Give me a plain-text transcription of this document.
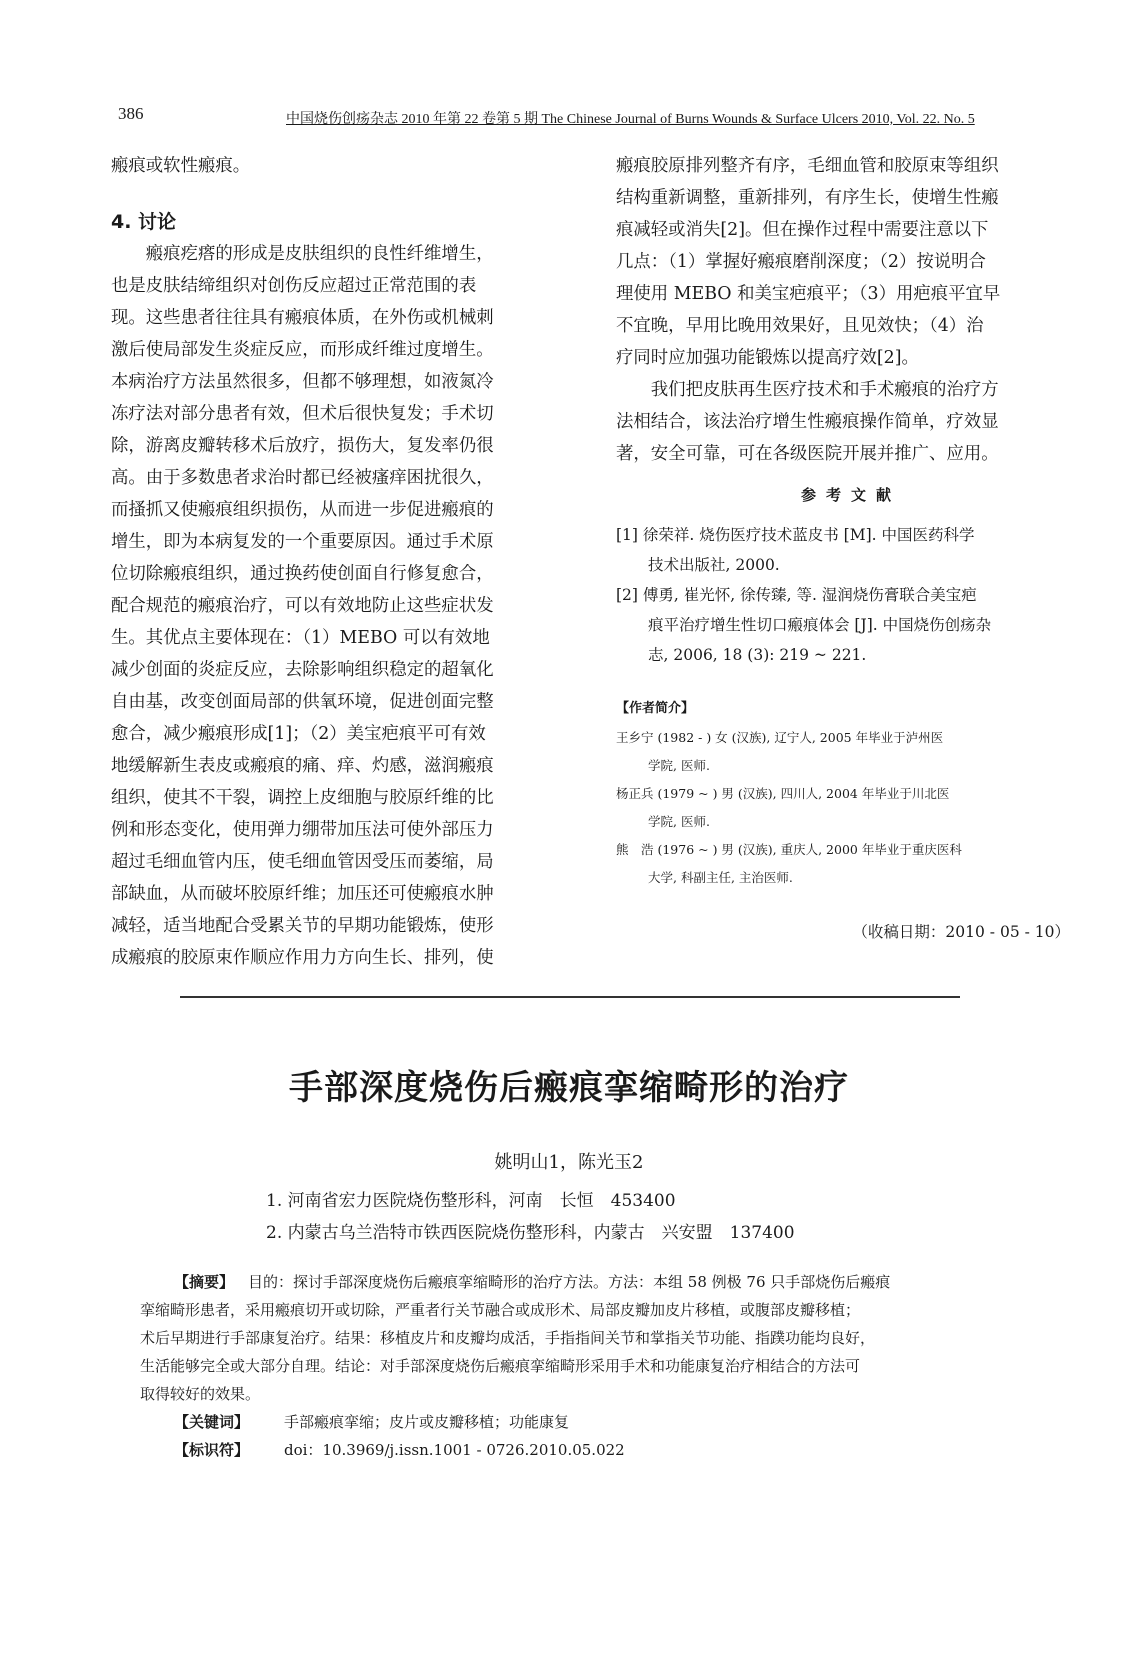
386	中国烧伤创疡杂志 2010 年第 22 卷第 5 期 The Chinese Journal of Burns Wounds & Surface Ulcers 2010, Vol. 22. No. 5

瘢痕或软性瘢痕。

4. 讨论

　　瘢痕疙瘩的形成是皮肤组织的良性纤维增生，

也是皮肤结缔组织对创伤反应超过正常范围的表

现。这些患者往往具有瘢痕体质，在外伤或机械刺

激后使局部发生炎症反应，而形成纤维过度增生。

本病治疗方法虽然很多，但都不够理想，如液氮冷

冻疗法对部分患者有效，但术后很快复发；手术切

除，游离皮瓣转移术后放疗，损伤大，复发率仍很

高。由于多数患者求治时都已经被瘙痒困扰很久，

而搔抓又使瘢痕组织损伤，从而进一步促进瘢痕的

增生，即为本病复发的一个重要原因。通过手术原

位切除瘢痕组织，通过换药使创面自行修复愈合，

配合规范的瘢痕治疗，可以有效地防止这些症状发

生。其优点主要体现在：（1）MEBO 可以有效地

减少创面的炎症反应，去除影响组织稳定的超氧化

自由基，改变创面局部的供氧环境，促进创面完整

愈合，减少瘢痕形成[1]；（2）美宝疤痕平可有效

地缓解新生表皮或瘢痕的痛、痒、灼感，滋润瘢痕

组织，使其不干裂，调控上皮细胞与胶原纤维的比

例和形态变化，使用弹力绷带加压法可使外部压力

超过毛细血管内压，使毛细血管因受压而萎缩，局

部缺血，从而破坏胶原纤维；加压还可使瘢痕水肿

减轻，适当地配合受累关节的早期功能锻炼，使形

成瘢痕的胶原束作顺应作用力方向生长、排列，使

瘢痕胶原排列整齐有序，毛细血管和胶原束等组织

结构重新调整，重新排列，有序生长，使增生性瘢

痕减轻或消失[2]。但在操作过程中需要注意以下

几点：（1）掌握好瘢痕磨削深度；（2）按说明合

理使用 MEBO 和美宝疤痕平；（3）用疤痕平宜早

不宜晚，早用比晚用效果好，且见效快；（4）治

疗同时应加强功能锻炼以提高疗效[2]。

　　我们把皮肤再生医疗技术和手术瘢痕的治疗方

法相结合，该法治疗增生性瘢痕操作简单，疗效显

著，安全可靠，可在各级医院开展并推广、应用。

参考文献

[1] 徐荣祥. 烧伤医疗技术蓝皮书 [M]. 中国医药科学

技术出版社, 2000.

[2] 傅勇, 崔光怀, 徐传臻, 等. 湿润烧伤膏联合美宝疤

痕平治疗增生性切口瘢痕体会 [J]. 中国烧伤创疡杂

志, 2006, 18 (3): 219 ~ 221.

【作者简介】

王乡宁 (1982 - ) 女 (汉族), 辽宁人, 2005 年毕业于泸州医

学院, 医师.

杨正兵 (1979 ~ ) 男 (汉族), 四川人, 2004 年毕业于川北医

学院, 医师.

熊　浩 (1976 ~ ) 男 (汉族), 重庆人, 2000 年毕业于重庆医科

大学, 科副主任, 主治医师.

（收稿日期：2010 - 05 - 10）

手部深度烧伤后瘢痕挛缩畸形的治疗
姚明山1，陈光玉2
1. 河南省宏力医院烧伤整形科，河南　长恒　453400
2. 内蒙古乌兰浩特市铁西医院烧伤整形科，内蒙古　兴安盟　137400

【摘要】 目的：探讨手部深度烧伤后瘢痕挛缩畸形的治疗方法。方法：本组 58 例极 76 只手部烧伤后瘢痕

挛缩畸形患者，采用瘢痕切开或切除，严重者行关节融合或成形术、局部皮瓣加皮片移植，或腹部皮瓣移植；

术后早期进行手部康复治疗。结果：移植皮片和皮瓣均成活，手指指间关节和掌指关节功能、指蹼功能均良好，

生活能够完全或大部分自理。结论：对手部深度烧伤后瘢痕挛缩畸形采用手术和功能康复治疗相结合的方法可

取得较好的效果。

【关键词】 手部瘢痕挛缩；皮片或皮瓣移植；功能康复

【标识符】 doi：10.3969/j.issn.1001 - 0726.2010.05.022
